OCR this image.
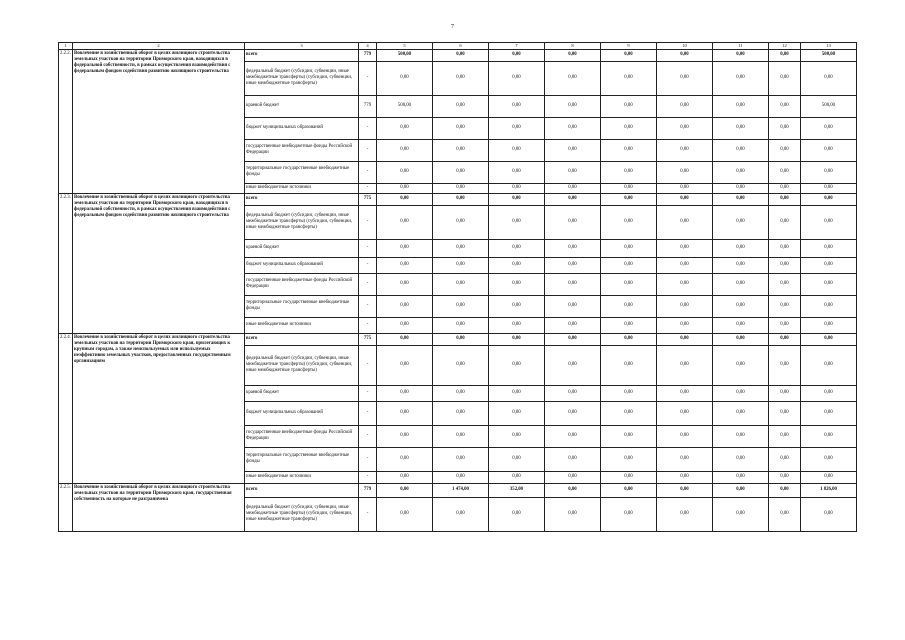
7
1	2	3	4	5	6	7	8	9	10	11	12	13
2.2.2.	Вовлечение в хозяйственный оборот в целях жилищного строительства земельных участков на территории Приморского края, находящихся в федеральной собственности, в рамках осуществления взаимодействия с федеральным фондом содействия развитию жилищного строительства	всего	779	500,00	0,00	0,00	0,00	0,00	0,00	0,00	0,00	500,00
		федеральный бюджет (субсидии, субвенции, иные межбюджетные трансферты) (субсидии, субвенции, иные межбюджетные трансферты)	-	0,00	0,00	0,00	0,00	0,00	0,00	0,00	0,00	0,00
		краевой бюджет	779	500,00	0,00	0,00	0,00	0,00	0,00	0,00	0,00	500,00
		бюджет муниципальных образований	-	0,00	0,00	0,00	0,00	0,00	0,00	0,00	0,00	0,00
		государственные внебюджетные фонды Российской Федерации	-	0,00	0,00	0,00	0,00	0,00	0,00	0,00	0,00	0,00
		территориальные государственные внебюджетные фонды	-	0,00	0,00	0,00	0,00	0,00	0,00	0,00	0,00	0,00
		иные внебюджетные источники	-	0,00	0,00	0,00	0,00	0,00	0,00	0,00	0,00	0,00
2.2.3.	Вовлечение в хозяйственный оборот в целях жилищного строительства земельных участков на территории Приморского края, находящихся в федеральной собственности, в рамках осуществления взаимодействия с федеральным фондом содействия развитию жилищного строительства	всего	775	0,00	0,00	0,00	0,00	0,00	0,00	0,00	0,00	0,00
		федеральный бюджет (субсидии, субвенции, иные межбюджетные трансферты) (субсидии, субвенции, иные межбюджетные трансферты)	-	0,00	0,00	0,00	0,00	0,00	0,00	0,00	0,00	0,00
		краевой бюджет	-	0,00	0,00	0,00	0,00	0,00	0,00	0,00	0,00	0,00
		бюджет муниципальных образований	-	0,00	0,00	0,00	0,00	0,00	0,00	0,00	0,00	0,00
		государственные внебюджетные фонды Российской Федерации	-	0,00	0,00	0,00	0,00	0,00	0,00	0,00	0,00	0,00
		территориальные государственные внебюджетные фонды	-	0,00	0,00	0,00	0,00	0,00	0,00	0,00	0,00	0,00
		иные внебюджетные источники	-	0,00	0,00	0,00	0,00	0,00	0,00	0,00	0,00	0,00
2.2.4.	Вовлечение в хозяйственный оборот в целях жилищного строительства земельных участков на территории Приморского края, прилегающих к крупным городам, а также неиспользуемых или используемых неэффективно земельных участков, предоставленных государственным организациям	всего	775	0,00	0,00	0,00	0,00	0,00	0,00	0,00	0,00	0,00
		федеральный бюджет (субсидии, субвенции, иные межбюджетные трансферты) (субсидии, субвенции, иные межбюджетные трансферты)	-	0,00	0,00	0,00	0,00	0,00	0,00	0,00	0,00	0,00
		краевой бюджет	-	0,00	0,00	0,00	0,00	0,00	0,00	0,00	0,00	0,00
		бюджет муниципальных образований	-	0,00	0,00	0,00	0,00	0,00	0,00	0,00	0,00	0,00
		государственные внебюджетные фонды Российской Федерации	-	0,00	0,00	0,00	0,00	0,00	0,00	0,00	0,00	0,00
		территориальные государственные внебюджетные фонды	-	0,00	0,00	0,00	0,00	0,00	0,00	0,00	0,00	0,00
		иные внебюджетные источники	-	0,00	0,00	0,00	0,00	0,00	0,00	0,00	0,00	0,00
2.2.5.	Вовлечение в хозяйственный оборот в целях жилищного строительства земельных участков на территории Приморского края, государственная собственность на которые не разграничена	всего	779	0,00	1 474,00	352,00	0,00	0,00	0,00	0,00	0,00	1 826,00
		федеральный бюджет (субсидии, субвенции, иные межбюджетные трансферты) (субсидии, субвенции, иные межбюджетные трансферты)	-	0,00	0,00	0,00	0,00	0,00	0,00	0,00	0,00	0,00
